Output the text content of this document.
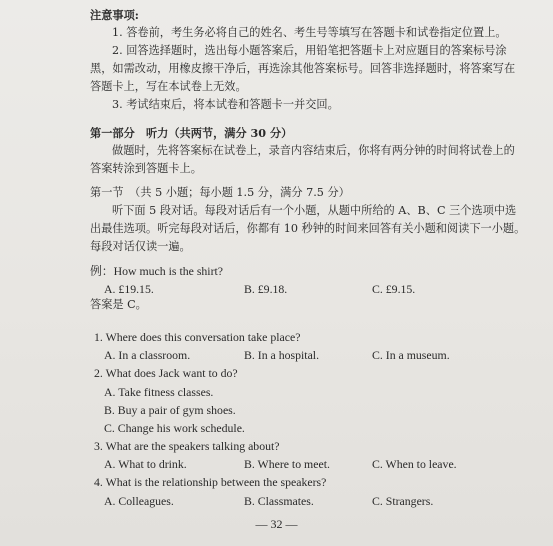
注意事项:
1. 答卷前，考生务必将自己的姓名、考生号等填写在答题卡和试卷指定位置上。
2. 回答选择题时，选出每小题答案后，用铅笔把答题卡上对应题目的答案标号涂
黑，如需改动，用橡皮擦干净后，再选涂其他答案标号。回答非选择题时，将答案写在
答题卡上，写在本试卷上无效。
3. 考试结束后，将本试卷和答题卡一并交回。
第一部分　听力（共两节，满分 30 分）
做题时，先将答案标在试卷上，录音内容结束后，你将有两分钟的时间将试卷上的
答案转涂到答题卡上。
第一节　（共 5 小题；每小题 1.5 分，满分 7.5 分）
听下面 5 段对话。每段对话后有一个小题，从题中所给的 A、B、C 三个选项中选
出最佳选项。听完每段对话后，你都有 10 秒钟的时间来回答有关小题和阅读下一小题。
每段对话仅读一遍。
例：How much is the shirt?
A. £19.15.	B. £9.18.	C. £9.15.
答案是 C。
1. Where does this conversation take place?
A. In a classroom.	B. In a hospital.	C. In a museum.
2. What does Jack want to do?
A. Take fitness classes.
B. Buy a pair of gym shoes.
C. Change his work schedule.
3. What are the speakers talking about?
A. What to drink.	B. Where to meet.	C. When to leave.
4. What is the relationship between the speakers?
A. Colleagues.	B. Classmates.	C. Strangers.
— 32 —
